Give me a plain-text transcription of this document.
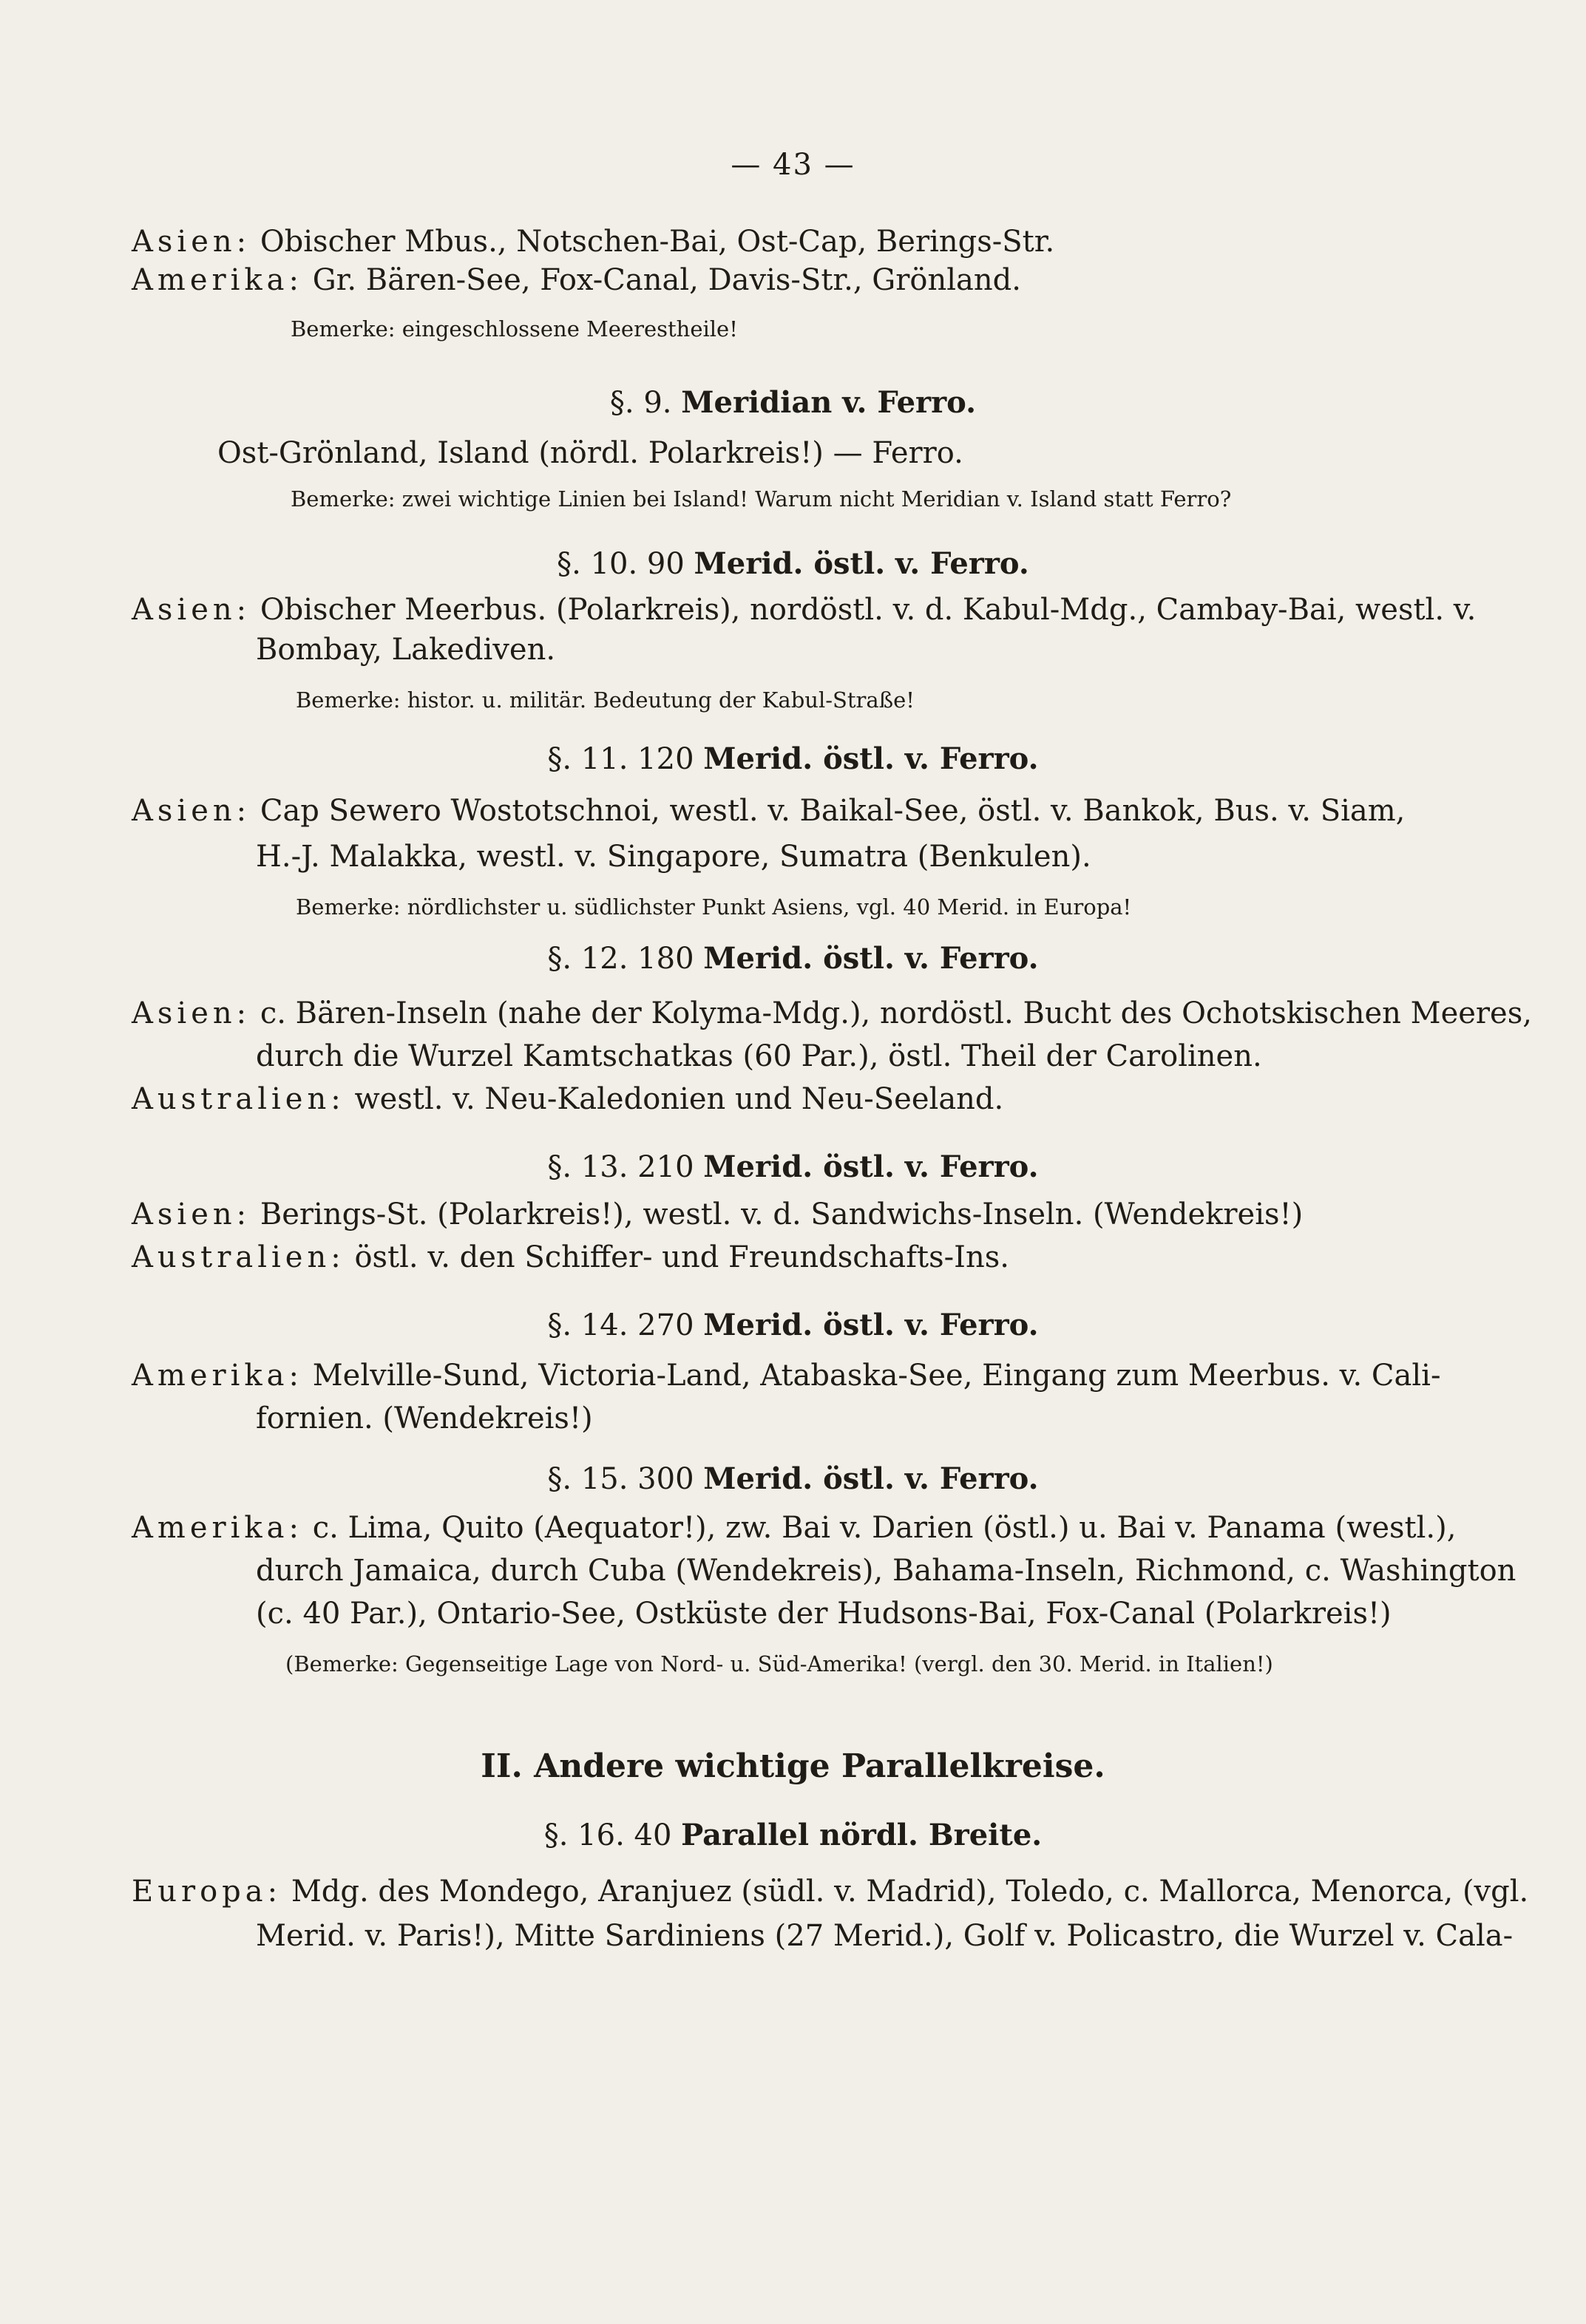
— 43 —
Asien: Obischer Mbus., Notschen-Bai, Ost-Cap, Berings-Str.
Amerika: Gr. Bären-See, Fox-Canal, Davis-Str., Grönland.
Bemerke: eingeschlossene Meerestheile!
§. 9. Meridian v. Ferro.
Ost-Grönland, Island (nördl. Polarkreis!) — Ferro.
Bemerke: zwei wichtige Linien bei Island! Warum nicht Meridian v. Island statt Ferro?
§. 10. 90 Merid. östl. v. Ferro.
Asien: Obischer Meerbus. (Polarkreis), nordöstl. v. d. Kabul-Mdg., Cambay-Bai, westl. v.
Bombay, Lakediven.
Bemerke: histor. u. militär. Bedeutung der Kabul-Straße!
§. 11. 120 Merid. östl. v. Ferro.
Asien: Cap Sewero Wostotschnoi, westl. v. Baikal-See, östl. v. Bankok, Bus. v. Siam,
H.-J. Malakka, westl. v. Singapore, Sumatra (Benkulen).
Bemerke: nördlichster u. südlichster Punkt Asiens, vgl. 40 Merid. in Europa!
§. 12. 180 Merid. östl. v. Ferro.
Asien: c. Bären-Inseln (nahe der Kolyma-Mdg.), nordöstl. Bucht des Ochotskischen Meeres,
durch die Wurzel Kamtschatkas (60 Par.), östl. Theil der Carolinen.
Australien: westl. v. Neu-Kaledonien und Neu-Seeland.
§. 13. 210 Merid. östl. v. Ferro.
Asien: Berings-St. (Polarkreis!), westl. v. d. Sandwichs-Inseln. (Wendekreis!)
Australien: östl. v. den Schiffer- und Freundschafts-Ins.
§. 14. 270 Merid. östl. v. Ferro.
Amerika: Melville-Sund, Victoria-Land, Atabaska-See, Eingang zum Meerbus. v. Cali-
fornien. (Wendekreis!)
§. 15. 300 Merid. östl. v. Ferro.
Amerika: c. Lima, Quito (Aequator!), zw. Bai v. Darien (östl.) u. Bai v. Panama (westl.),
durch Jamaica, durch Cuba (Wendekreis), Bahama-Inseln, Richmond, c. Washington
(c. 40 Par.), Ontario-See, Ostküste der Hudsons-Bai, Fox-Canal (Polarkreis!)
(Bemerke: Gegenseitige Lage von Nord- u. Süd-Amerika! (vergl. den 30. Merid. in Italien!)
II. Andere wichtige Parallelkreise.
§. 16. 40 Parallel nördl. Breite.
Europa: Mdg. des Mondego, Aranjuez (südl. v. Madrid), Toledo, c. Mallorca, Menorca, (vgl.
Merid. v. Paris!), Mitte Sardiniens (27 Merid.), Golf v. Policastro, die Wurzel v. Cala-
